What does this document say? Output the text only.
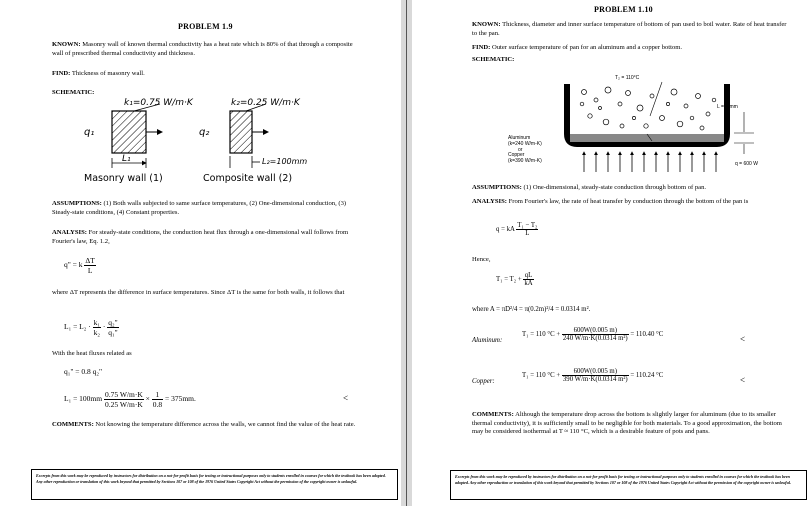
PROBLEM 1.9
KNOWN: Masonry wall of known thermal conductivity has a heat rate which is 80% of that through a composite wall of prescribed thermal conductivity and thickness.
FIND: Thickness of masonry wall.
SCHEMATIC:
k₁=0.75 W/m·K	k₂=0.25 W/m·K
q₁	q₂
L₁	L₂=100mm
Masonry wall (1)	Composite wall (2)
ASSUMPTIONS: (1) Both walls subjected to same surface temperatures, (2) One-dimensional conduction, (3) Steady-state conditions, (4) Constant properties.
ANALYSIS: For steady-state conditions, the conduction heat flux through a one-dimensional wall follows from Fourier's law, Eq. 1.2,
q" = k $\frac{\Delta T}{L}$
where ΔT represents the difference in surface temperatures. Since ΔT is the same for both walls, it follows that
$L_1 = L_2 \cdot \frac{\text{k₁}}{\text{k₂}} \cdot \frac{\text{q₂"}}{\text{q₁"}}$
With the heat fluxes related as
q₁" = 0.8 q₂"
$L_1 = 100mm \frac{0.75 W/m\cdot K}{0.25 W/m\cdot K} \times \frac{1}{0.8} = 375mm$.	<
COMMENTS: Not knowing the temperature difference across the walls, we cannot find the value of the heat rate.
Excerpts from this work may be reproduced by instructors for distribution on a not-for-profit basis for testing or instructional purposes only to students enrolled in courses for which the textbook has been adopted. Any other reproduction or translation of this work beyond that permitted by Sections 107 or 108 of the 1976 United States Copyright Act without the permission of the copyright owner is unlawful.
PROBLEM 1.10
KNOWN: Thickness, diameter and inner surface temperature of bottom of pan used to boil water. Rate of heat transfer to the pan.
FIND: Outer surface temperature of pan for an aluminum and a copper bottom.
SCHEMATIC:
T₂ = 110°C
L = 5 mm
Aluminum
(k=240 W/m-K)
or
Copper
(k=390 W/m-K)
D = 200 mm	T₁
q = 600 W
ASSUMPTIONS: (1) One-dimensional, steady-state conduction through bottom of pan.
ANALYSIS: From Fourier's law, the rate of heat transfer by conduction through the bottom of the pan is
q = kA $\frac{\text{T₁ − T₂}}{L}$
Hence,
$T_1 = T_2 + \frac{qL}{kA}$
where A = πD²/4 = π(0.2m)²/4 = 0.0314 m².
Aluminum:
T₁ = 110 $^\circ C + \frac{600W(0.005 m)}{\text{240 W/m·K(0.0314 m²)}} = 110.40$ °C	<
Copper:
T₁ = 110 $^\circ C + \frac{600W(0.005 m)}{\text{390 W/m·K(0.0314 m²)}} = 110.24$ °C	<
COMMENTS: Although the temperature drop across the bottom is slightly larger for aluminum (due to its smaller thermal conductivity), it is sufficiently small to be negligible for both materials. To a good approximation, the bottom may be considered isothermal at T ≈ 110 °C, which is a desirable feature of pots and pans.
Excerpts from this work may be reproduced by instructors for distribution on a not-for-profit basis for testing or instructional purposes only to students enrolled in courses for which the textbook has been adopted. Any other reproduction or translation of this work beyond that permitted by Sections 107 or 108 of the 1976 United States Copyright Act without the permission of the copyright owner is unlawful.
